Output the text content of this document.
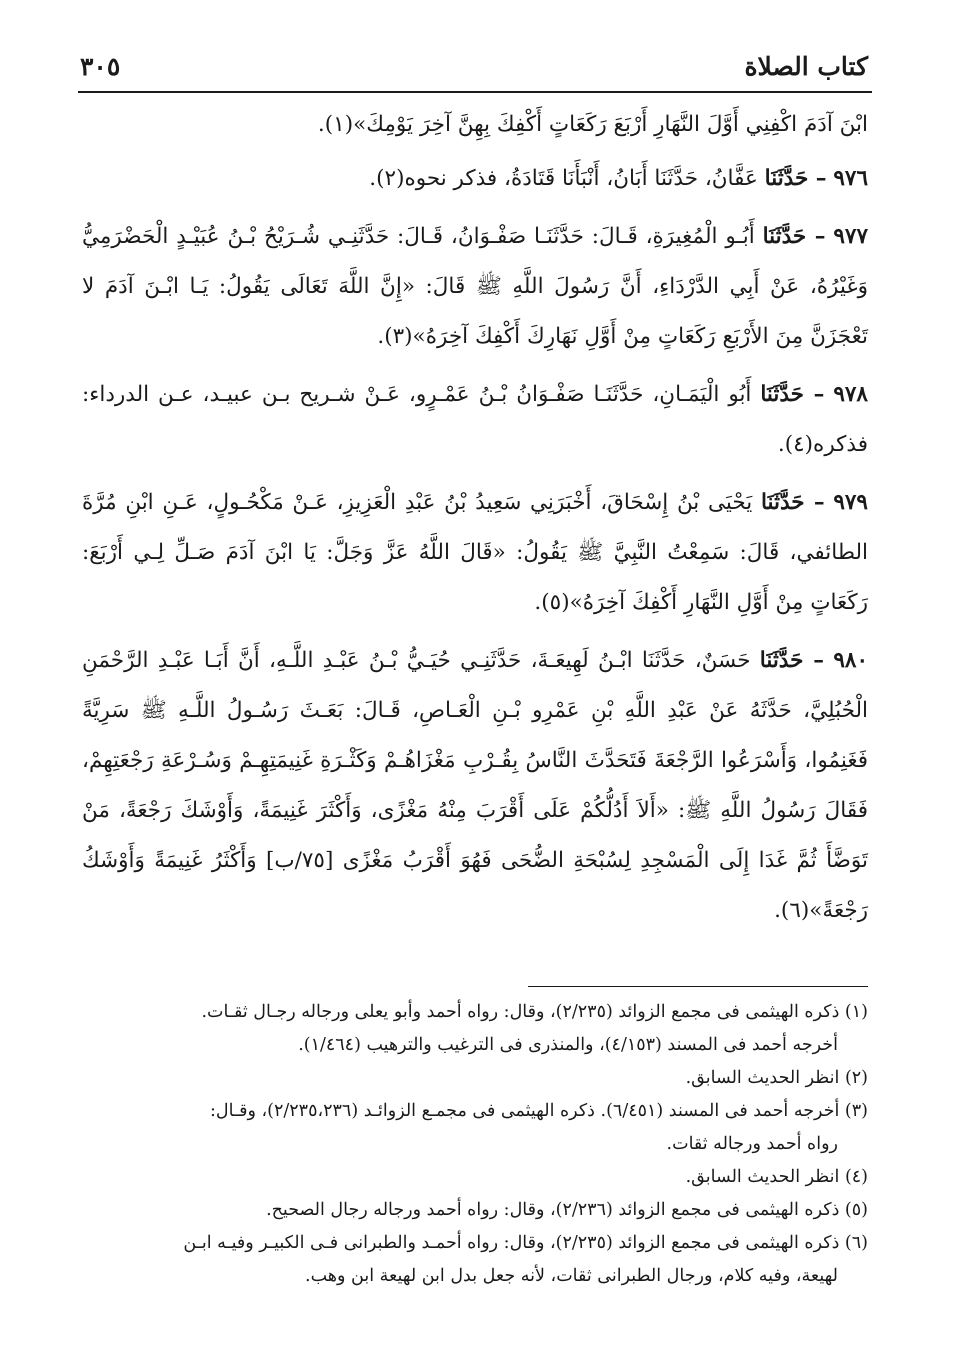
كتاب الصلاة
٣٠٥

ابْنَ آدَمَ اكْفِنِي أَوَّلَ النَّهَارِ أَرْبَعَ رَكَعَاتٍ أَكْفِكَ بِهِنَّ آخِرَ يَوْمِكَ»(١).

٩٧٦ – حَدَّثَنَا عَفَّانُ، حَدَّثَنَا أَبَانُ، أَنْبَأَنَا قَتَادَةُ، فذكر نحوه(٢).

٩٧٧ – حَدَّثَنَا أَبُـو الْمُغِيرَةِ، قَـالَ: حَدَّثَنَـا صَفْـوَانُ، قَـالَ: حَدَّثَنِـي شُـرَيْحُ بْـنُ عُبَيْـدٍ الْحَضْرَمِيُّ وَغَيْرُهُ، عَنْ أَبِي الدَّرْدَاءِ، أَنَّ رَسُولَ اللَّهِ ﷺ قَالَ: «إِنَّ اللَّهَ تَعَالَى يَقُولُ: يَـا ابْـنَ آدَمَ لا تَعْجَزَنَّ مِنَ الأَرْبَعِ رَكَعَاتٍ مِنْ أَوَّلِ نَهَارِكَ أَكْفِكَ آخِرَهُ»(٣).

٩٧٨ – حَدَّثَنَا أَبُو الْيَمَـانِ، حَدَّثَنَـا صَفْـوَانُ بْـنُ عَمْـرٍو، عَـنْ شـريح بـن عبيـد، عـن الدرداء: فذكره(٤).

٩٧٩ – حَدَّثَنَا يَحْيَى بْنُ إِسْحَاقَ، أَخْبَرَنِي سَعِيدُ بْنُ عَبْدِ الْعَزِيزِ، عَـنْ مَكْحُـولٍ، عَـنِ ابْنِ مُرَّةَ الطائفي، قَالَ: سَمِعْتُ النَّبِيَّ ﷺ يَقُولُ: «قَالَ اللَّهُ عَزَّ وَجَلَّ: يَا ابْنَ آدَمَ صَـلِّ لِـي أَرْبَعَ: رَكَعَاتٍ مِنْ أَوَّلِ النَّهَارِ أَكْفِكَ آخِرَهُ»(٥).

٩٨٠ – حَدَّثَنَا حَسَنٌ، حَدَّثَنَا ابْـنُ لَهِيعَـةَ، حَدَّثَنِـي حُيَـيُّ بْـنُ عَبْـدِ اللَّـهِ، أَنَّ أَبَـا عَبْـدِ الرَّحْمَنِ الْحُبُلِيَّ، حَدَّثَهُ عَنْ عَبْدِ اللَّهِ بْنِ عَمْرِو بْـنِ الْعَـاصِ، قَـالَ: بَعَـثَ رَسُـولُ اللَّـهِ ﷺ سَرِيَّةً فَغَنِمُوا، وَأَسْرَعُوا الرَّجْعَةَ فَتَحَدَّثَ النَّاسُ بِقُـرْبِ مَغْزَاهُـمْ وَكَثْـرَةِ غَنِيمَتِهِـمْ وَسُـرْعَةِ رَجْعَتِهِمْ، فَقَالَ رَسُولُ اللَّهِ ﷺ: «أَلاَ أَدُلُّكُمْ عَلَى أَقْرَبَ مِنْهُ مَغْزًى، وَأَكْثَرَ غَنِيمَةً، وَأَوْشَكَ رَجْعَةً، مَنْ تَوَضَّأَ ثُمَّ غَدَا إِلَى الْمَسْجِدِ لِسُبْحَةِ الضُّحَى فَهُوَ أَقْرَبُ مَغْزًى [٧٥/ب] وَأَكْثَرُ غَنِيمَةً وَأَوْشَكُ رَجْعَةً»(٦).

(١) ذكره الهيثمى فى مجمع الزوائد (٢/٢٣٥)، وقال: رواه أحمد وأبو يعلى ورجاله رجـال ثقـات.
أخرجه أحمد فى المسند (٤/١٥٣)، والمنذرى فى الترغيب والترهيب (١/٤٦٤).

(٢) انظر الحديث السابق.

(٣) أخرجه أحمد فى المسند (٦/٤٥١). ذكره الهيثمى فى مجمـع الزوائـد (٢/٢٣٥،٢٣٦)، وقـال:
رواه أحمد ورجاله ثقات.

(٤) انظر الحديث السابق.

(٥) ذكره الهيثمى فى مجمع الزوائد (٢/٢٣٦)، وقال: رواه أحمد ورجاله رجال الصحيح.

(٦) ذكره الهيثمى فى مجمع الزوائد (٢/٢٣٥)، وقال: رواه أحمـد والطبرانى فـى الكبيـر وفيـه ابـن
لهيعة، وفيه كلام، ورجال الطبرانى ثقات، لأنه جعل بدل ابن لهيعة ابن وهب.
